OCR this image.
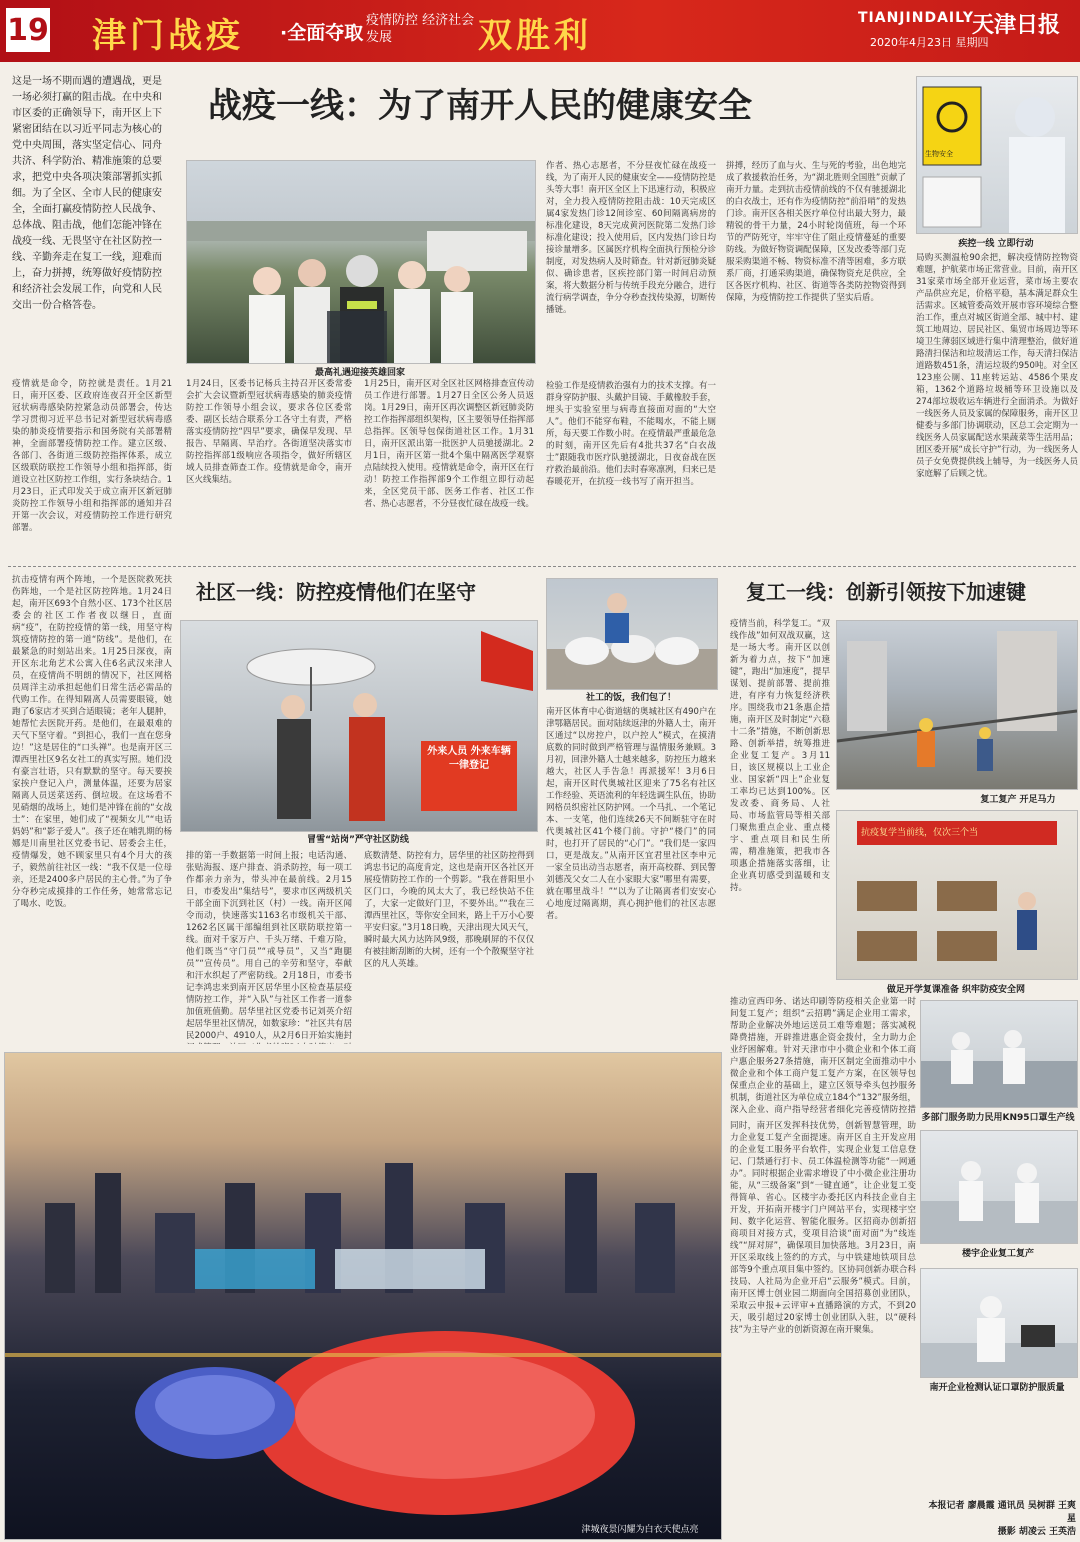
19 津门战疫 ·全面夺取
疫情防控 经济社会发展	双胜利	TIANJINDAILY
天津日报
2020年4月23日 星期四
这是一场不期而遇的遭遇战，更是一场必须打赢的阻击战。在中央和市区委的正确领导下，南开区上下紧密团结在以习近平同志为核心的党中央周围，落实坚定信心、同舟共济、科学防治、精准施策的总要求，把党中央各项决策部署抓实抓细。为了全区、全市人民的健康安全，全面打赢疫情防控人民战争、总体战、阻击战，他们怎能冲锋在战疫一线、无畏坚守在社区防控一线、辛勤奔走在复工一线，迎难而上，奋力拼搏，统筹做好疫情防控和经济社会发展工作，向党和人民交出一份合格答卷。
战疫一线：为了南开人民的健康安全
最高礼遇迎接英雄回家
作者、热心志愿者，不分昼夜忙碌在战疫一线，为了南开人民的健康安全——疫情防控是头等大事！南开区全区上下迅速行动，积极应对，全力投入疫情防控阻击战：10天完成区属4家发热门诊12间诊室、60间隔离病房的标准化建设，8天完成黄河医院第二发热门诊标准化建设；投入使用后，区内发热门诊日均接诊量增多。区属医疗机构全面执行预检分诊制度，对发热病人及时筛查。针对新冠肺炎疑似、确诊患者，区疾控部门第一时间启动预案，将大数据分析与传统手段充分融合，进行流行病学调查，争分夺秒查找传染源，切断传播链。
拼搏，经历了血与火、生与死的考验，出色地完成了救援救治任务，为“湖北胜则全国胜”贡献了南开力量。走到抗击疫情前线的不仅有驰援湖北的白衣战士，还有作为疫情防控“前沿哨”的发热门诊。南开区各相关医疗单位付出最大努力，最精锐的骨干力量，24小时轮岗值班，每一个环节的严防死守，牢牢守住了阻止疫情蔓延的重要防线。为做好物资调配保障，区发改委等部门克服采购渠道不畅、物资标准不清等困难，多方联系厂商，打通采购渠道，确保物资充足供应，全区各医疗机构、社区、街道等各类防控物资得到保障，为疫情防控工作提供了坚实后盾。
生物安全
疾控一线 立即行动
局购买测温枪90余把，解决疫情防控物资难题，护航菜市场正常营业。目前，南开区31家菜市场全部开业运营，菜市场主要农产品供应充足，价格平稳，基本满足群众生活需求。区城管委高效开展市容环境综合整治工作，重点对城区街道全部、城中村、建筑工地周边、居民社区、集贸市场周边等环境卫生薄弱区域进行集中清理整治，做好道路清扫保洁和垃圾清运工作，每天清扫保洁道路数451条，清运垃圾约950吨。对全区123座公厕、11座转运站、4586个果皮箱，1362个道路垃圾桶等环卫设施以及274部垃圾收运车辆进行全面消杀。为做好一线医务人员及家属的保障服务，南开区卫健委与多部门协调联动，区总工会定期为一线医务人员家属配送水果蔬菜等生活用品；团区委开展“成长守护”行动，为一线医务人员子女免费提供线上辅导，为一线医务人员家庭解了后顾之忧。
疫情就是命令，防控就是责任。1月21日，南开区委、区政府连夜召开全区新型冠状病毒感染防控紧急动员部署会，传达学习贯彻习近平总书记对新型冠状病毒感染的肺炎疫情要指示和国务院有关部署精神，全面部署疫情防控工作。建立区级、各部门、各街道三级防控指挥体系，成立区级联防联控工作领导小组和指挥部，街道设立社区防控工作组，实行条块结合。1月23日，正式印发关于成立南开区新冠肺炎防控工作领导小组和指挥部的通知并召开第一次会议，对疫情防控工作进行研究部署。
1月24日，区委书记杨兵主持召开区委常委会扩大会议暨新型冠状病毒感染的肺炎疫情防控工作领导小组会议，要求各位区委常委、副区长结合联系分工各守土有责，严格落实疫情防控“四早”要求，确保早发现、早报告、早隔离、早治疗。各街道坚决落实市防控指挥部1级响应各项指令，做好所辖区域人员排查筛查工作。疫情就是命令，南开区火线集结。
1月25日，南开区对全区社区网格排查宣传动员工作进行部署。1月27日全区公务人员返岗。1月29日，南开区再次调整区新冠肺炎防控工作指挥部组织架构，区主要领导任指挥部总指挥。区领导包保街道社区工作。1月31日，南开区派出第一批医护人员驰援湖北。2月1日，南开区第一批4个集中隔离医学观察点陆续投入使用。疫情就是命令，南开区在行动！防控工作指挥部9个工作组立即行动起来，全区党员干部、医务工作者、社区工作者、热心志愿者，不分昼夜忙碌在战疫一线。
检验工作是疫情救治强有力的技术支撑。有一群身穿防护服、头戴护目镜、手戴橡胶手套，埋头于实验室里与病毒直接面对面的“大空人”。他们不能穿布鞋，不能喝水，不能上厕所，每天要工作数小时。在疫情最严重最危急的时刻，南开区先后有4批共37名“白衣战士”跟随我市医疗队驰援湖北，日夜奋战在医疗救治最前沿。他们去时春寒凛冽，归来已是春暖花开，在抗疫一线书写了南开担当。
抗击疫情有两个阵地，一个是医院救死扶伤阵地，一个是社区防控阵地。1月24日起，南开区693个自然小区、173个社区居委会的社区工作者夜以继日，直面病“疫”，在防控疫情的第一线，用坚守构筑疫情防控的第一道“防线”。是他们，在最紧急的时刻站出来。1月25日深夜，南开区东北角艺术公寓入住6名武汉来津人员，在疫情尚不明朗的情况下，社区网格员周洋主动承担起他们日常生活必需品的代购工作。在得知隔离人员需要眼镜，她跑了6家店才买到合适眼镜；老年人腿肿，她帮忙去医院开药。是他们，在最艰难的天气下坚守着。“到担心，我们一直在您身边！”这是居住的“口头禅”。也是南开区三潭西里社区9名女社工的真实写照。她们没有豪言壮语，只有默默的坚守。每天要挨家挨户登记入户，测量体温，还要为居家隔离人员送菜送药、倒垃圾。在这场看不见硝烟的战场上，她们是冲锋在前的“女战士”：在家里，她们成了“视频女儿”“电话妈妈”和“影子爱人”。孩子还在哺乳期的杨娜是川南里社区党委书记、居委会主任，疫情爆发，她不顾家里只有4个月大的孩子，毅然前往社区一线：“我不仅是一位母亲，还是2400多户居民的主心骨。”为了争分夺秒完成摸排的工作任务，她常常忘记了喝水、吃饭。
社区一线：防控疫情他们在坚守
外来人员 外来车辆 一律登记
冒雪“站岗”严守社区防线
社工的饭，我们包了！
南开区体育中心街道辖的奥城社区有490户在津鄂籍居民。面对陆续返津的外籍人士，南开区通过“以房控户，以户控人”模式，在摸清底数的同时做到严格管理与温情服务兼顾。3月初，回津外籍人士越来越多，防控压力越来越大，社区人手告急！再派援军！3月6日起，南开区时代奥城社区迎来了75名有社区工作经验、英语流利的年轻选调生队伍，协助网格员织密社区防护网。一个马扎、一个笔记本、一支笔，他们连续26天不间断驻守在时代奥城社区41个楼门前。守护“楼门”的同时，也打开了居民的“心门”。“我们是一家四口，更是战友。”从南开区宜君里社区李申元一家全员出动当志愿者，南开高校群、到民警刘德茂父女二人在小家眼大家”哪里有需要，就在哪里战斗！”“以为了让隔离者们安安心心地度过隔离期，真心拥护他们的社区志愿者。
排的第一手数据第一时间上报；电话沟通、张贴海报、逐户排查、消杀防控，每一项工作都亲力亲为，带头冲在最前线。2月15日，市委发出“集结号”，要求市区两级机关干部全面下沉到社区（村）一线。南开区闻令而动，快速落实1163名市级机关干部、1262名区属干部编组到社区联防联控第一线。面对千家万户、千头万绪、千难万险，他们既当“守门员”“戒导员”，又当“跑腿员”“宣传员”。用自己的辛劳和坚守，奉献和汗水织起了严密防线。2月18日，市委书记李鸿忠来到南开区居华里小区检查基层疫情防控工作，并“入队”与社区工作者一道参加值班值勤。居华里社区党委书记刘英介绍起居华里社区情况，如数家珍：“社区共有居民2000户、4910人，从2月6日开始实施封
底数清楚、防控有力，居华里的社区防控得到鸿忠书记的高度肯定，这也是南开区各社区开展疫情防控工作的一个剪影。“我在普阳里小区门口，今晚的风太大了，我已经快站不住了，大家一定做好门卫，不要外出。”“我在三潭西里社区，等你安全回来，路上千万小心要平安归家。”3月18日晚，天津出现大风天气，瞬时最大风力达阵风9级，那晚刷屏的不仅仅有被挂断刮断的大树，还有一个个散聚坚守社区的凡人英雄。
津城夜景闪耀为白衣天使点亮
复工一线：创新引领按下加速键
疫情当前，科学复工。“双线作战”如何双战双赢，这是一场大考。南开区以创新为着力点，按下“加速键”，跑出“加速度”，提早谋划、提前部署、提前推进，有序有力恢复经济秩序。围绕我市21条惠企措施，南开区及时制定“六稳十二条”措施，不断创新思路、创新举措，统筹推进企业复工复产。3月11日，该区规模以上工业企业、国家新“四上”企业复工率均已达到100%。区发改委、商务局、人社局、市场监管局等相关部门聚焦重点企业、重点楼宇、重点项目和民生所需，精准施策，把我市各项惠企措施落实落细，让企业真切感受到温暖和支持。
复工复产 开足马力
抗疫复学当前线，仅次三个当
做足开学复课准备 织牢防疫安全网
推动宣西印务、诺达印刷等防疫相关企业第一时间复工复产；组织“云招聘”满足企业用工需求，帮助企业解决外地运送员工难等难题；落实减税降费措施，开辟推进惠企资金拨付，全力助力企业纾困解难。针对天津市中小微企业和个体工商户惠企服务27条措施，南开区制定全面推动中小微企业和个体工商户复工复产方案，在区领导包保重点企业的基础上，建立区领导牵头包抄服务机制，街道社区为单位成立184个“132”服务组，深入企业、商户指导经营者细化完善疫情防控措
多部门服务助力民用KN95口罩生产线
楼宇企业复工复产
同时，南开区发挥科技优势，创新智慧管理，助力企业复工复产全面提速。南开区自主开发应用的企业复工服务平台软件，实现企业复工信息登记、门禁通行打卡、员工体温检测等功能“一网通办”。同时根据企业需求增设了中小微企业注册功能，从“三级备案”到“一键直通”，让企业复工变得简单、省心。区楼宇办委托区内科技企业自主开发，开拓南开楼宇门户网站平台，实现楼宇空间、数字化运营、智能化服务。区招商办创新招商项目对接方式，变项目洽谈“面对面”为“线连线”“屏对屏”，确保项目加快落地。3月23日，南开区采取线上签约的方式，与中铁建地铁项目总部等9个重点项目集中签约。区协同创新办联合科技局、人社局为企业开启“云服务”模式。目前，南开区博士创业园二期面向全国招募创业团队，采取云申报+云评审+直播路演的方式，不到20天，吸引超过20家博士创业团队入驻，以“硬科技”为主导产业的创新资源在南开聚集。
南开企业检测认证口罩防护服质量
本报记者 廖晨霞 通讯员 吴树群 王爽星
摄影 胡凌云 王英浩
